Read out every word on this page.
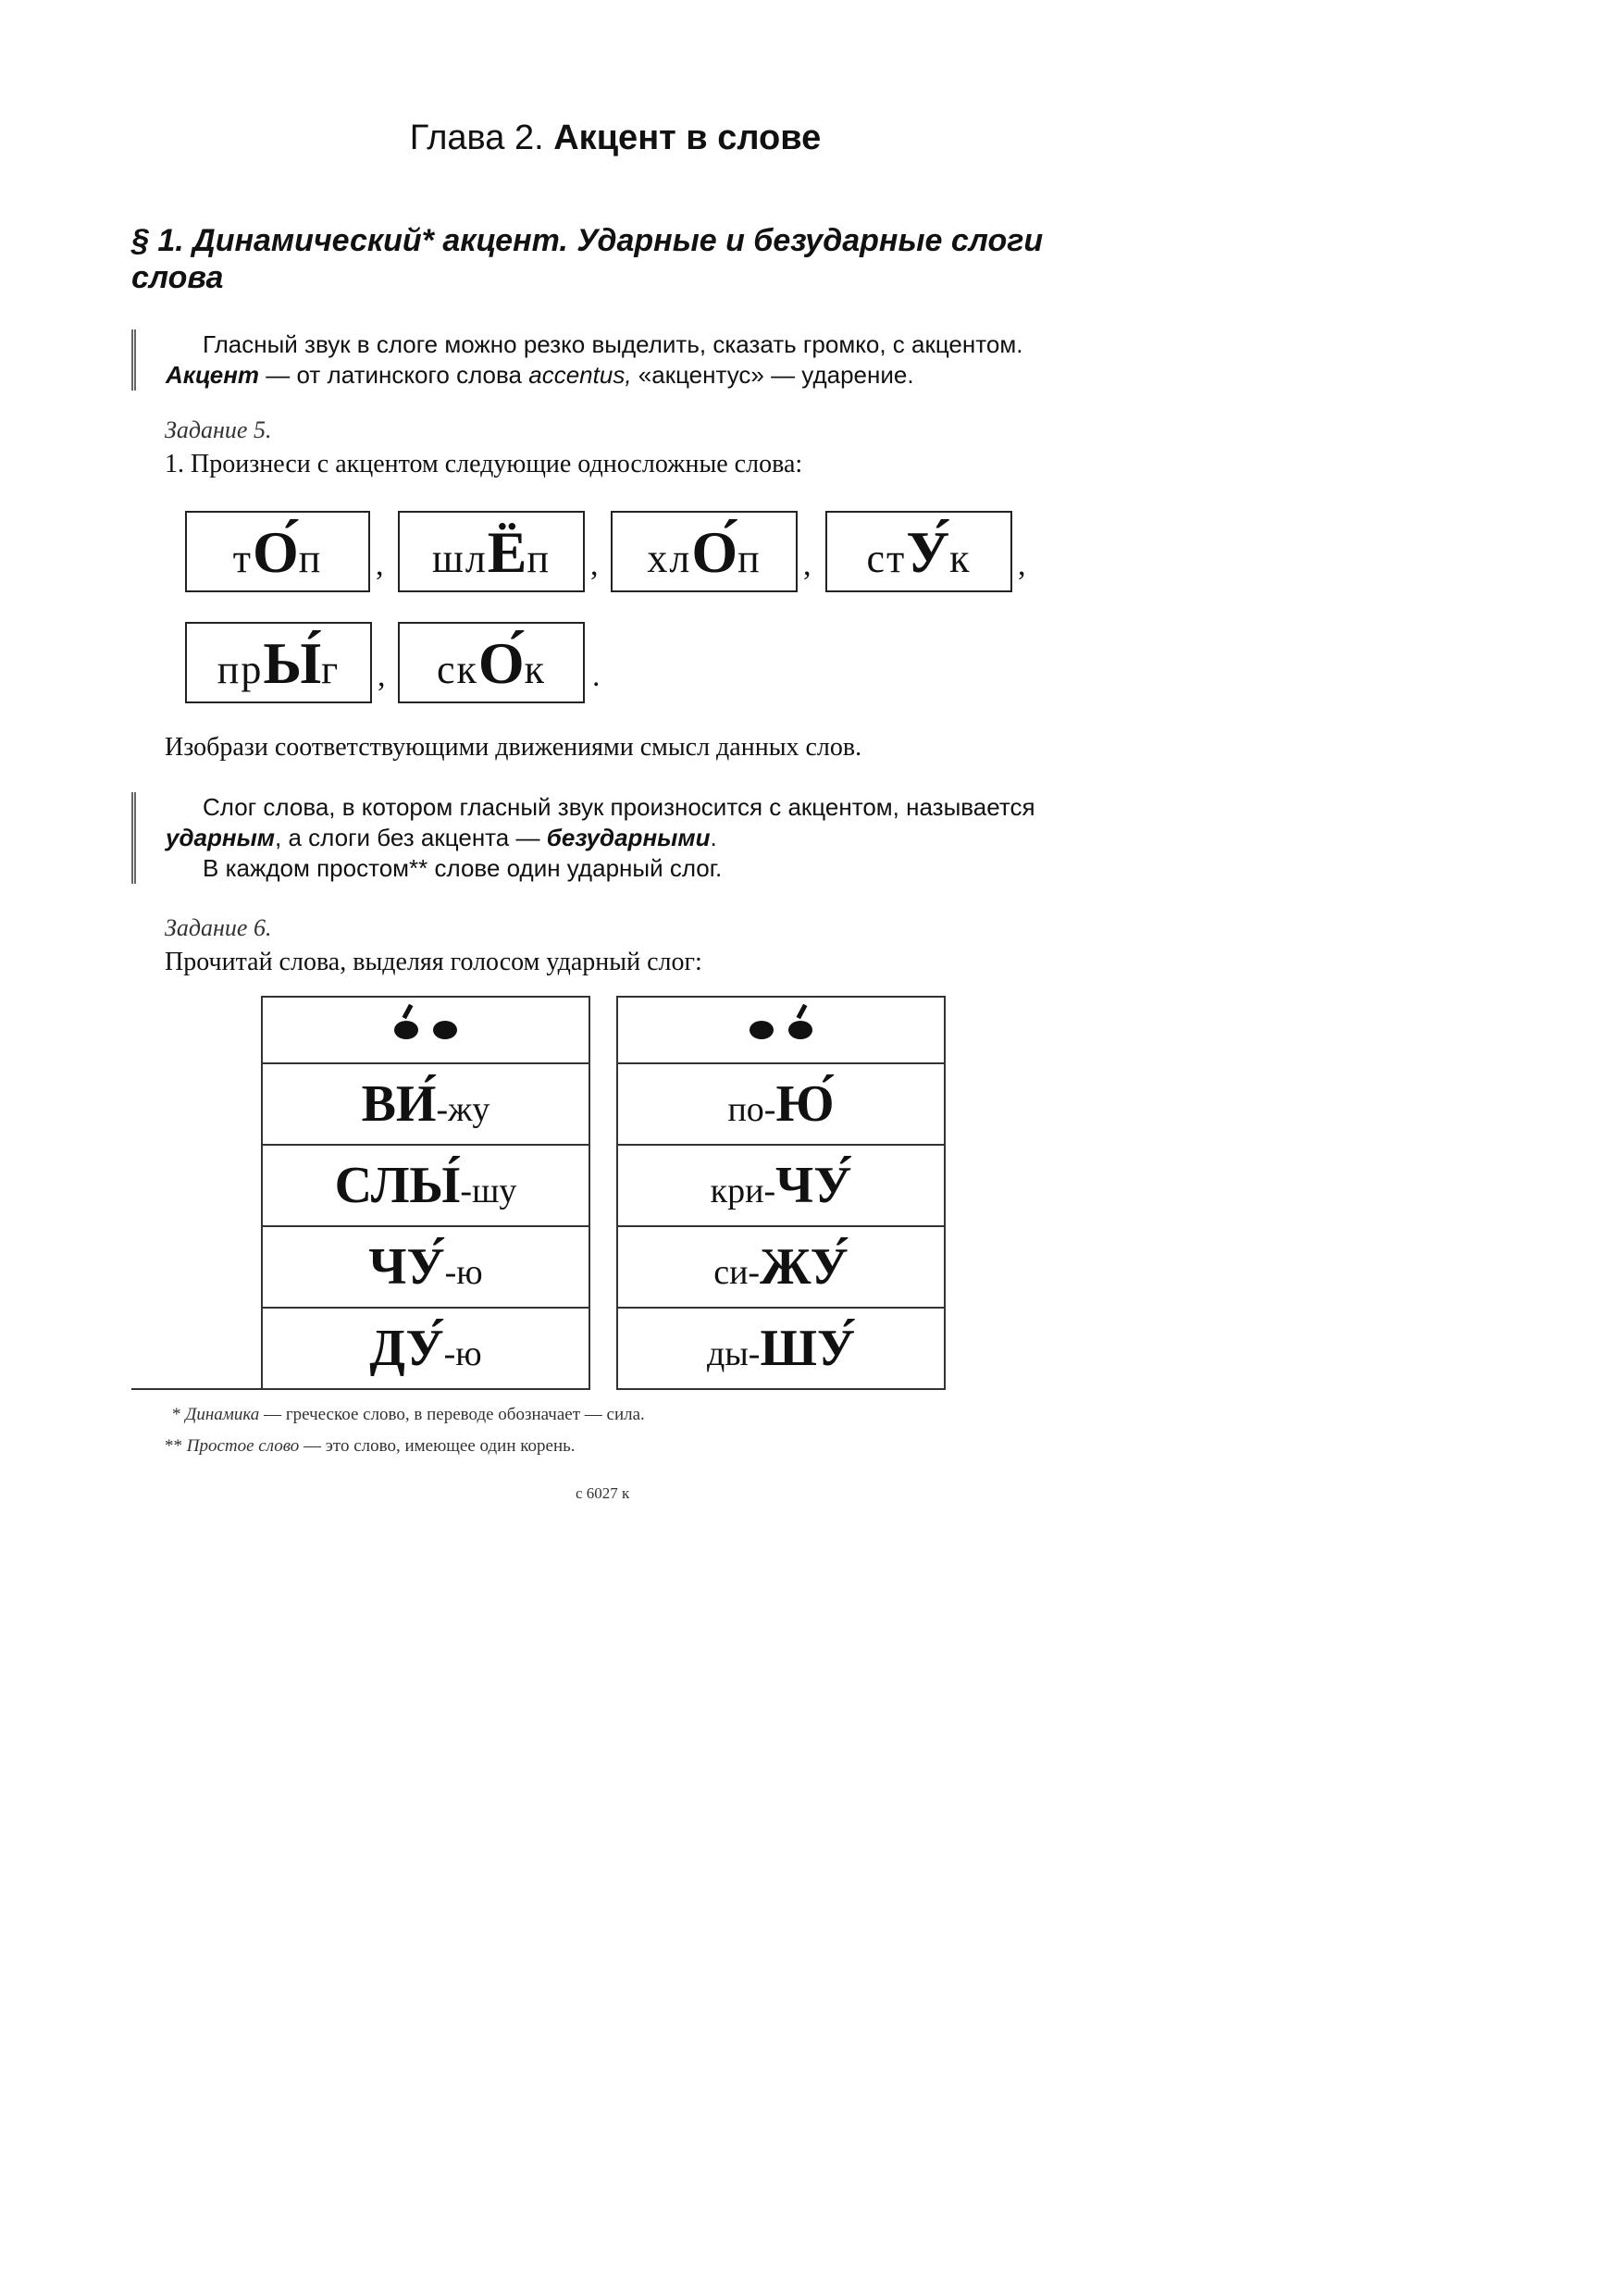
Глава 2. Акцент в слове
§ 1. Динамический* акцент. Ударные и безударные слоги слова
Гласный звук в слоге можно резко выделить, сказать громко, с акцентом.
Акцент — от латинского слова accentus, «акцентус» — ударение.
Задание 5.
1. Произнеси с акцентом следующие односложные слова:
тО́п	,	шлЁп	,	хлО́п	,	стУ́к	,
прЫ́г	,	скО́к	.
Изобрази соответствующими движениями смысл данных слов.
Слог слова, в котором гласный звук произносится с акцентом, называется ударным, а слоги без акцента — безударными.
В каждом простом** слове один ударный слог.
Задание 6.
Прочитай слова, выделяя голосом ударный слог:

ВИ́-жу
СЛЫ́-шу
ЧУ́-ю
ДУ́-ю

по-Ю́
кри-ЧУ́
си-ЖУ́
ды-ШУ́
* Динамика — греческое слово, в переводе обозначает — сила.
** Простое слово — это слово, имеющее один корень.
с 6027 к
